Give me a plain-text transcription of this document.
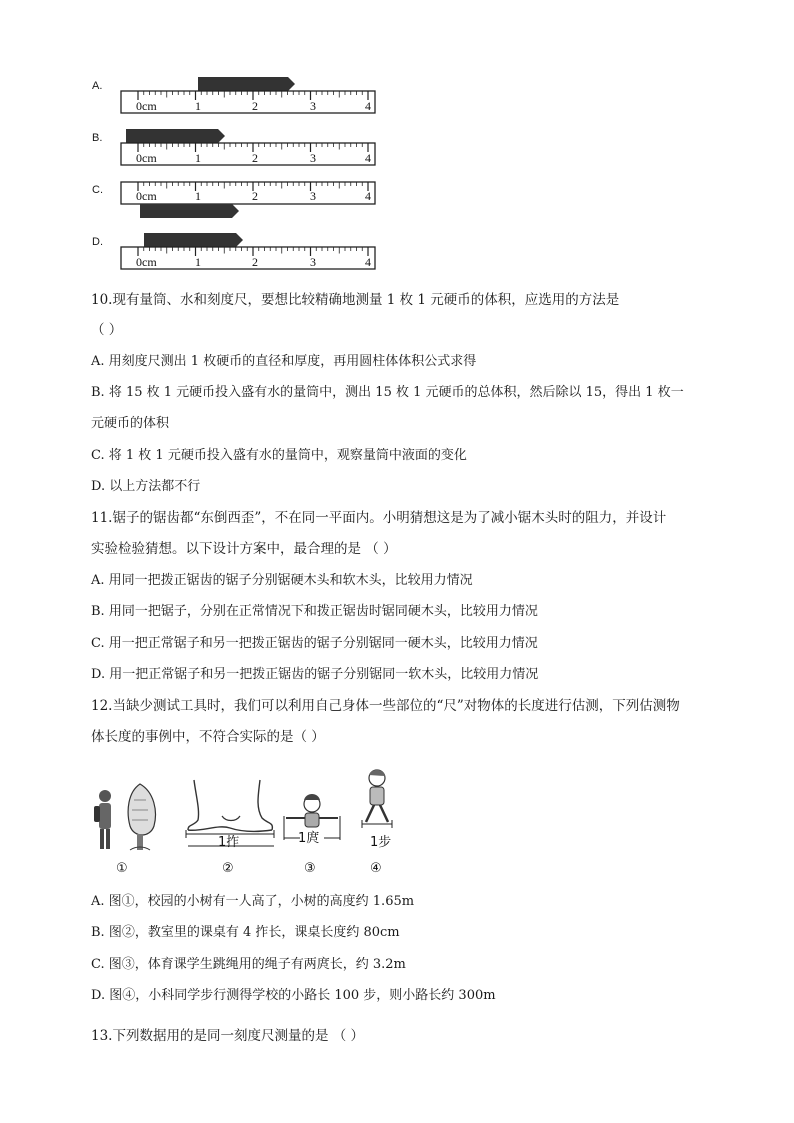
A.
0cm	1	2	3	4
B.
0cm	1	2	3	4
C.	0cm	1	2	3	4
D.
0cm	1	2	3	4
10.现有量筒、水和刻度尺，要想比较精确地测量 1 枚 1 元硬币的体积，应选用的方法是
（ ）
A. 用刻度尺测出 1 枚硬币的直径和厚度，再用圆柱体体积公式求得
B. 将 15 枚 1 元硬币投入盛有水的量筒中，测出 15 枚 1 元硬币的总体积，然后除以 15，得出 1 枚一
元硬币的体积
C. 将 1 枚 1 元硬币投入盛有水的量筒中，观察量筒中液面的变化
D. 以上方法都不行
11.锯子的锯齿都“东倒西歪”，不在同一平面内。小明猜想这是为了减小锯木头时的阻力，并设计
实验检验猜想。以下设计方案中，最合理的是 （ ）
A. 用同一把拨正锯齿的锯子分别锯硬木头和软木头，比较用力情况
B. 用同一把锯子，分别在正常情况下和拨正锯齿时锯同硬木头，比较用力情况
C. 用一把正常锯子和另一把拨正锯齿的锯子分别锯同一硬木头，比较用力情况
D. 用一把正常锯子和另一把拨正锯齿的锯子分别锯同一软木头，比较用力情况
12.当缺少测试工具时，我们可以利用自己身体一些部位的“尺”对物体的长度进行估测，下列估测物
体长度的事例中，不符合实际的是（ ）
①
1拃
②
1庹
③
1步
④
A. 图①，校园的小树有一人高了，小树的高度约 1.65m
B. 图②，教室里的课桌有 4 拃长，课桌长度约 80cm
C. 图③，体育课学生跳绳用的绳子有两庹长，约 3.2m
D. 图④，小科同学步行测得学校的小路长 100 步，则小路长约 300m
13.下列数据用的是同一刻度尺测量的是 （ ）
